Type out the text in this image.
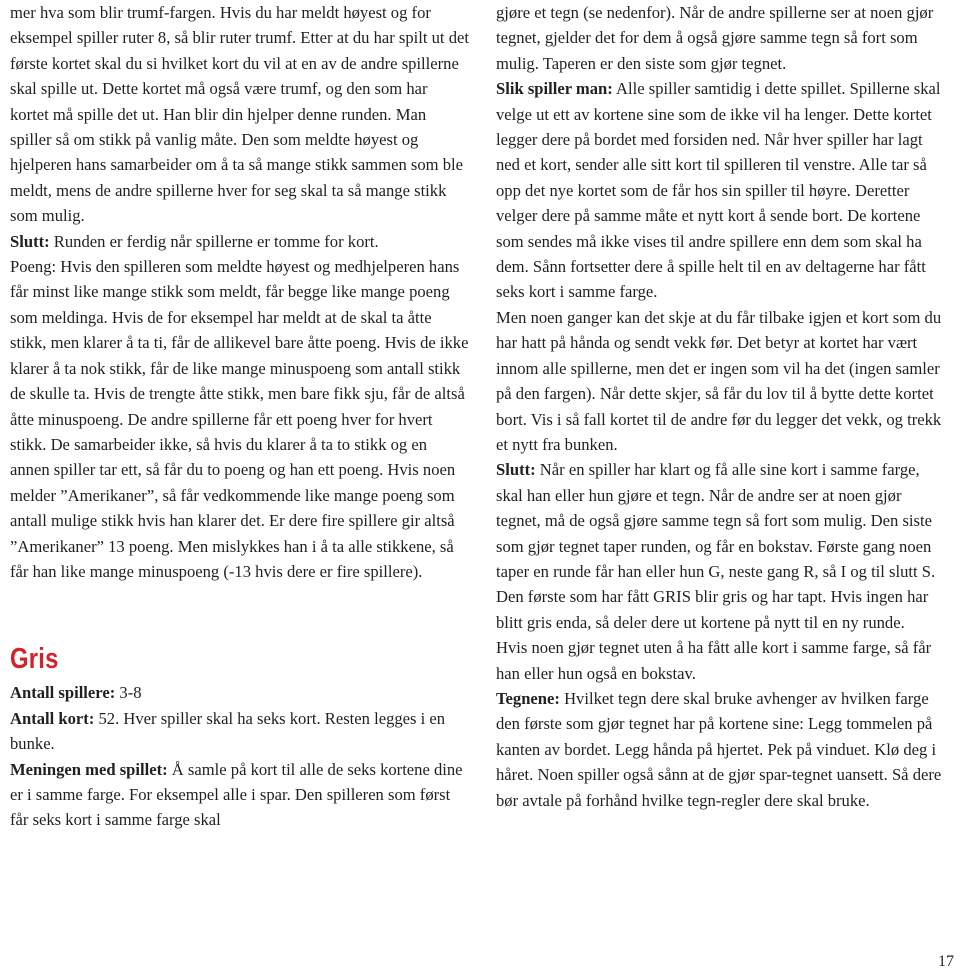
mer hva som blir trumf-fargen. Hvis du har meldt høyest og for eksempel spiller ruter 8, så blir ruter trumf. Etter at du har spilt ut det første kortet skal du si hvilket kort du vil at en av de andre spillerne skal spille ut. Dette kortet må også være trumf, og den som har kortet må spille det ut. Han blir din hjelper denne runden. Man spiller så om stikk på vanlig måte. Den som meldte høyest og hjelperen hans samarbeider om å ta så mange stikk sammen som ble meldt, mens de andre spillerne hver for seg skal ta så mange stikk som mulig.

Slutt: Runden er ferdig når spillerne er tomme for kort.

Poeng: Hvis den spilleren som meldte høyest og medhjelperen hans får minst like mange stikk som meldt, får begge like mange poeng som meldinga. Hvis de for eksempel har meldt at de skal ta åtte stikk, men klarer å ta ti, får de allikevel bare åtte poeng. Hvis de ikke klarer å ta nok stikk, får de like mange minuspoeng som antall stikk de skulle ta. Hvis de trengte åtte stikk, men bare fikk sju, får de altså åtte minuspoeng. De andre spillerne får ett poeng hver for hvert stikk. De samarbeider ikke, så hvis du klarer å ta to stikk og en annen spiller tar ett, så får du to poeng og han ett poeng. Hvis noen melder ”Amerikaner”, så får vedkommende like mange poeng som antall mulige stikk hvis han klarer det. Er dere fire spillere gir altså ”Amerikaner” 13 poeng. Men mislykkes han i å ta alle stikkene, så får han like mange minuspoeng (-13 hvis dere er fire spillere).

Gris

Antall spillere: 3-8

Antall kort: 52. Hver spiller skal ha seks kort. Resten legges i en bunke.

Meningen med spillet: Å samle på kort til alle de seks kortene dine er i samme farge. For eksempel alle i spar. Den spilleren som først får seks kort i samme farge skal

gjøre et tegn (se nedenfor). Når de andre spillerne ser at noen gjør tegnet, gjelder det for dem å også gjøre samme tegn så fort som mulig. Taperen er den siste som gjør tegnet.

Slik spiller man: Alle spiller samtidig i dette spillet. Spillerne skal velge ut ett av kortene sine som de ikke vil ha lenger. Dette kortet legger dere på bordet med forsiden ned. Når hver spiller har lagt ned et kort, sender alle sitt kort til spilleren til venstre. Alle tar så opp det nye kortet som de får hos sin spiller til høyre. Deretter velger dere på samme måte et nytt kort å sende bort. De kortene som sendes må ikke vises til andre spillere enn dem som skal ha dem. Sånn fortsetter dere å spille helt til en av deltagerne har fått seks kort i samme farge.

Men noen ganger kan det skje at du får tilbake igjen et kort som du har hatt på hånda og sendt vekk før. Det betyr at kortet har vært innom alle spillerne, men det er ingen som vil ha det (ingen samler på den fargen). Når dette skjer, så får du lov til å bytte dette kortet bort. Vis i så fall kortet til de andre før du legger det vekk, og trekk et nytt fra bunken.

Slutt: Når en spiller har klart og få alle sine kort i samme farge, skal han eller hun gjøre et tegn. Når de andre ser at noen gjør tegnet, må de også gjøre samme tegn så fort som mulig. Den siste som gjør tegnet taper runden, og får en bokstav. Første gang noen taper en runde får han eller hun G, neste gang R, så I og til slutt S. Den første som har fått GRIS blir gris og har tapt. Hvis ingen har blitt gris enda, så deler dere ut kortene på nytt til en ny runde.

Hvis noen gjør tegnet uten å ha fått alle kort i samme farge, så får han eller hun også en bokstav.

Tegnene: Hvilket tegn dere skal bruke avhenger av hvilken farge den første som gjør tegnet har på kortene sine: Legg tommelen på kanten av bordet. Legg hånda på hjertet. Pek på vinduet. Klø deg i håret. Noen spiller også sånn at de gjør spar-tegnet uansett. Så dere bør avtale på forhånd hvilke tegn-regler dere skal bruke.

17
